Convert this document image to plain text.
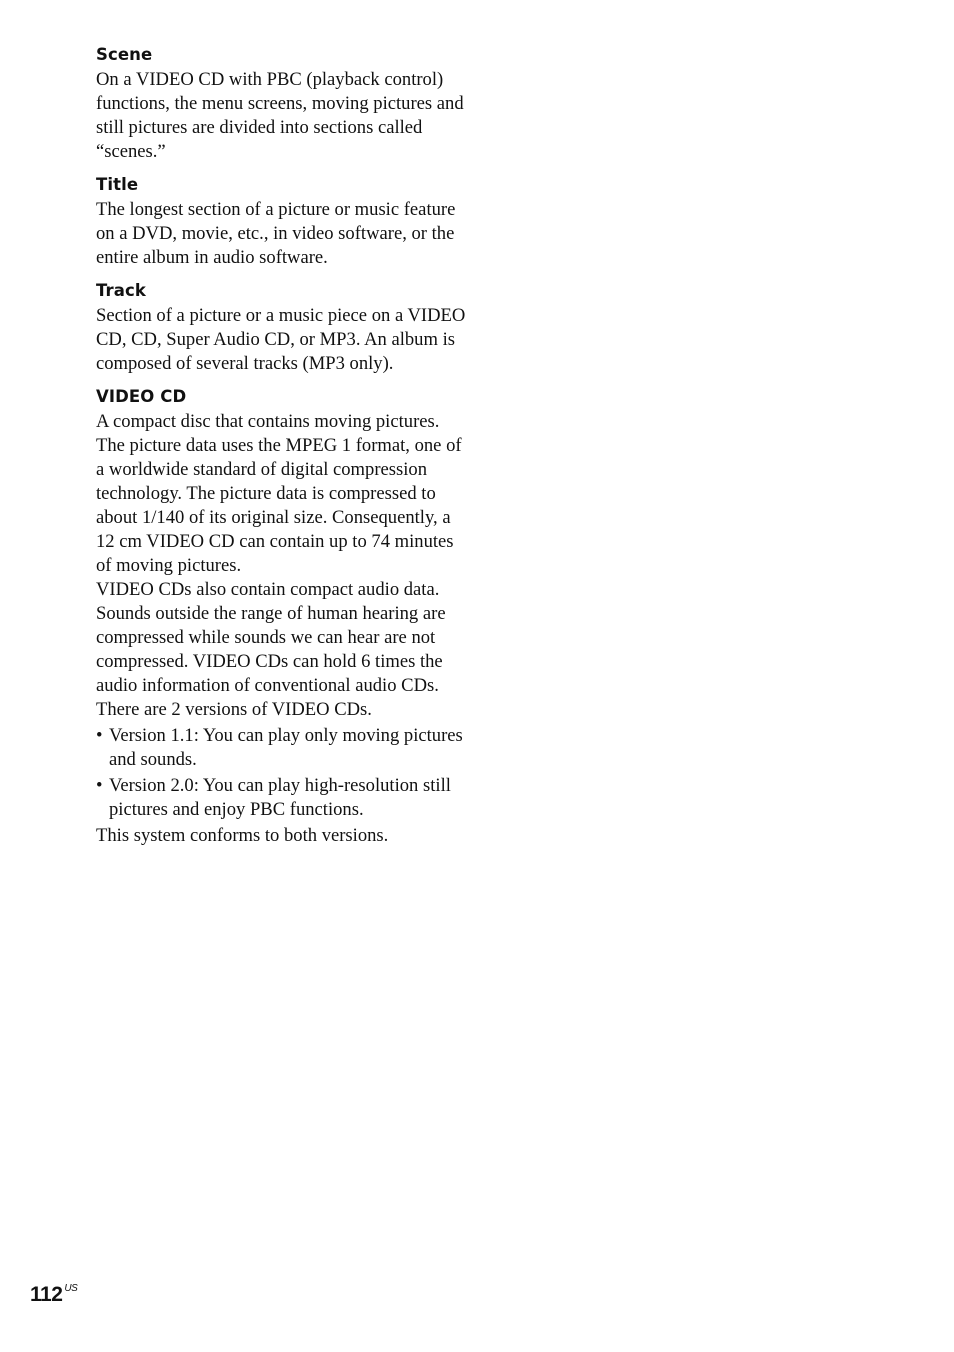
Scene

On a VIDEO CD with PBC (playback control) functions, the menu screens, moving pictures and still pictures are divided into sections called “scenes.”

Title

The longest section of a picture or music feature on a DVD, movie, etc., in video software, or the entire album in audio software.

Track

Section of a picture or a music piece on a VIDEO CD, CD, Super Audio CD, or MP3. An album is composed of several tracks (MP3 only).

VIDEO CD

A compact disc that contains moving pictures. The picture data uses the MPEG 1 format, one of a worldwide standard of digital compression technology. The picture data is compressed to about 1/140 of its original size. Consequently, a 12 cm VIDEO CD can contain up to 74 minutes of moving pictures.

VIDEO CDs also contain compact audio data. Sounds outside the range of human hearing are compressed while sounds we can hear are not compressed. VIDEO CDs can hold 6 times the audio information of conventional audio CDs. There are 2 versions of VIDEO CDs.

• Version 1.1: You can play only moving pictures and sounds.
• Version 2.0: You can play high-resolution still pictures and enjoy PBC functions.

This system conforms to both versions.

112 $^{US}$
